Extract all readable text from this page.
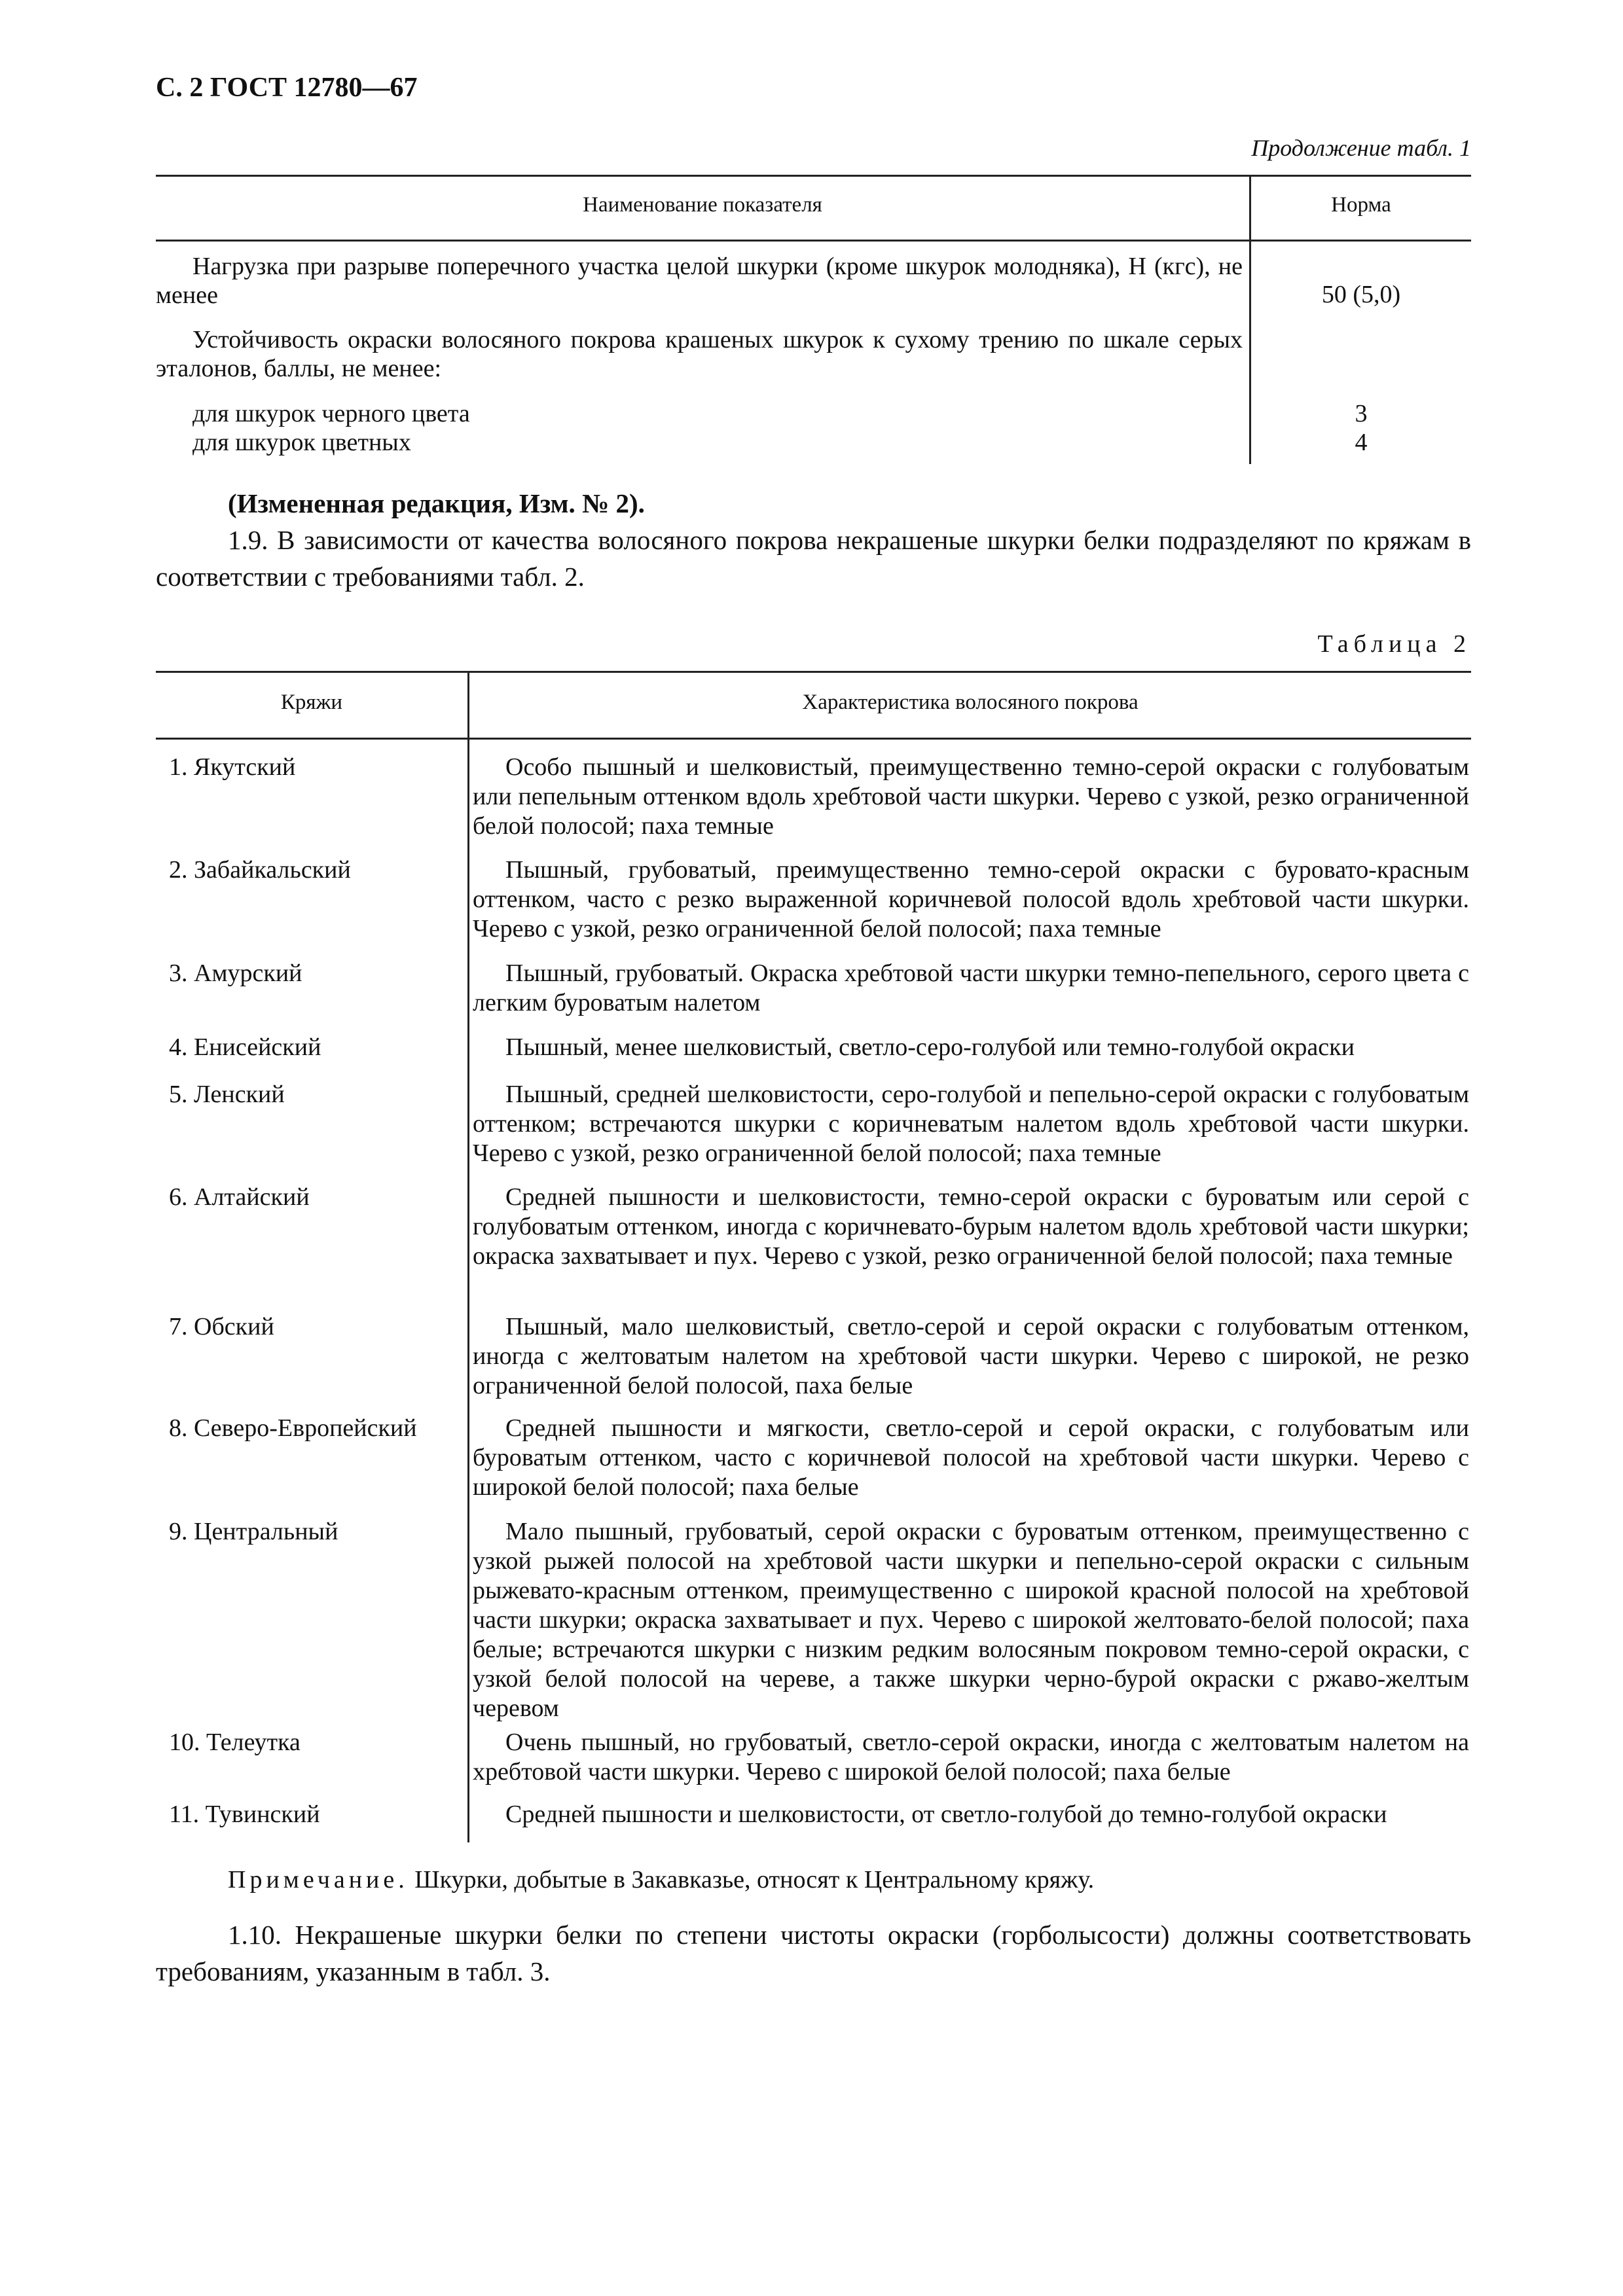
С. 2 ГОСТ 12780—67
Продолжение табл. 1
Наименование показателя	Норма
Нагрузка при разрыве поперечного участка целой шкурки (кроме шкурок молодняка), Н (кгс), не менее	50 (5,0)
Устойчивость окраски волосяного покрова крашеных шкурок к сухому трению по шкале серых эталонов, баллы, не менее:
для шкурок черного цвета	3
для шкурок цветных	4
(Измененная редакция, Изм. № 2).
1.9. В зависимости от качества волосяного покрова некрашеные шкурки белки подразделяют по кряжам в соответствии с требованиями табл. 2.
Таблица 2
Кряжи	Характеристика волосяного покрова
1. Якутский	Особо пышный и шелковистый, преимущественно темно-серой окраски с голубоватым или пепельным оттенком вдоль хребтовой части шкурки. Черево с узкой, резко ограниченной белой полосой; паха темные
2. Забайкальский	Пышный, грубоватый, преимущественно темно-серой окраски с буровато-красным оттенком, часто с резко выраженной коричневой полосой вдоль хребтовой части шкурки. Черево с узкой, резко ограниченной белой полосой; паха темные
3. Амурский	Пышный, грубоватый. Окраска хребтовой части шкурки темно-пепельного, серого цвета с легким буроватым налетом
4. Енисейский	Пышный, менее шелковистый, светло-серо-голубой или темно-голубой окраски
5. Ленский	Пышный, средней шелковистости, серо-голубой и пепельно-серой окраски с голубоватым оттенком; встречаются шкурки с коричневатым налетом вдоль хребтовой части шкурки. Черево с узкой, резко ограниченной белой полосой; паха темные
6. Алтайский	Средней пышности и шелковистости, темно-серой окраски с буроватым или серой с голубоватым оттенком, иногда с коричневато-бурым налетом вдоль хребтовой части шкурки; окраска захватывает и пух. Черево с узкой, резко ограниченной белой полосой; паха темные
7. Обский	Пышный, мало шелковистый, светло-серой и серой окраски с голубоватым оттенком, иногда с желтоватым налетом на хребтовой части шкурки. Черево с широкой, не резко ограниченной белой полосой, паха белые
8. Северо-Европейский	Средней пышности и мягкости, светло-серой и серой окраски, с голубоватым или буроватым оттенком, часто с коричневой полосой на хребтовой части шкурки. Черево с широкой белой полосой; паха белые
9. Центральный	Мало пышный, грубоватый, серой окраски с буроватым оттенком, преимущественно с узкой рыжей полосой на хребтовой части шкурки и пепельно-серой окраски с сильным рыжевато-красным оттенком, преимущественно с широкой красной полосой на хребтовой части шкурки; окраска захватывает и пух. Черево с широкой желтовато-белой полосой; паха белые; встречаются шкурки с низким редким волосяным покровом темно-серой окраски, с узкой белой полосой на череве, а также шкурки черно-бурой окраски с ржаво-желтым черевом
10. Телеутка	Очень пышный, но грубоватый, светло-серой окраски, иногда с желтоватым налетом на хребтовой части шкурки. Черево с широкой белой полосой; паха белые
11. Тувинский	Средней пышности и шелковистости, от светло-голубой до темно-голубой окраски
Примечание. Шкурки, добытые в Закавказье, относят к Центральному кряжу.
1.10. Некрашеные шкурки белки по степени чистоты окраски (горболысости) должны соответствовать требованиям, указанным в табл. 3.
